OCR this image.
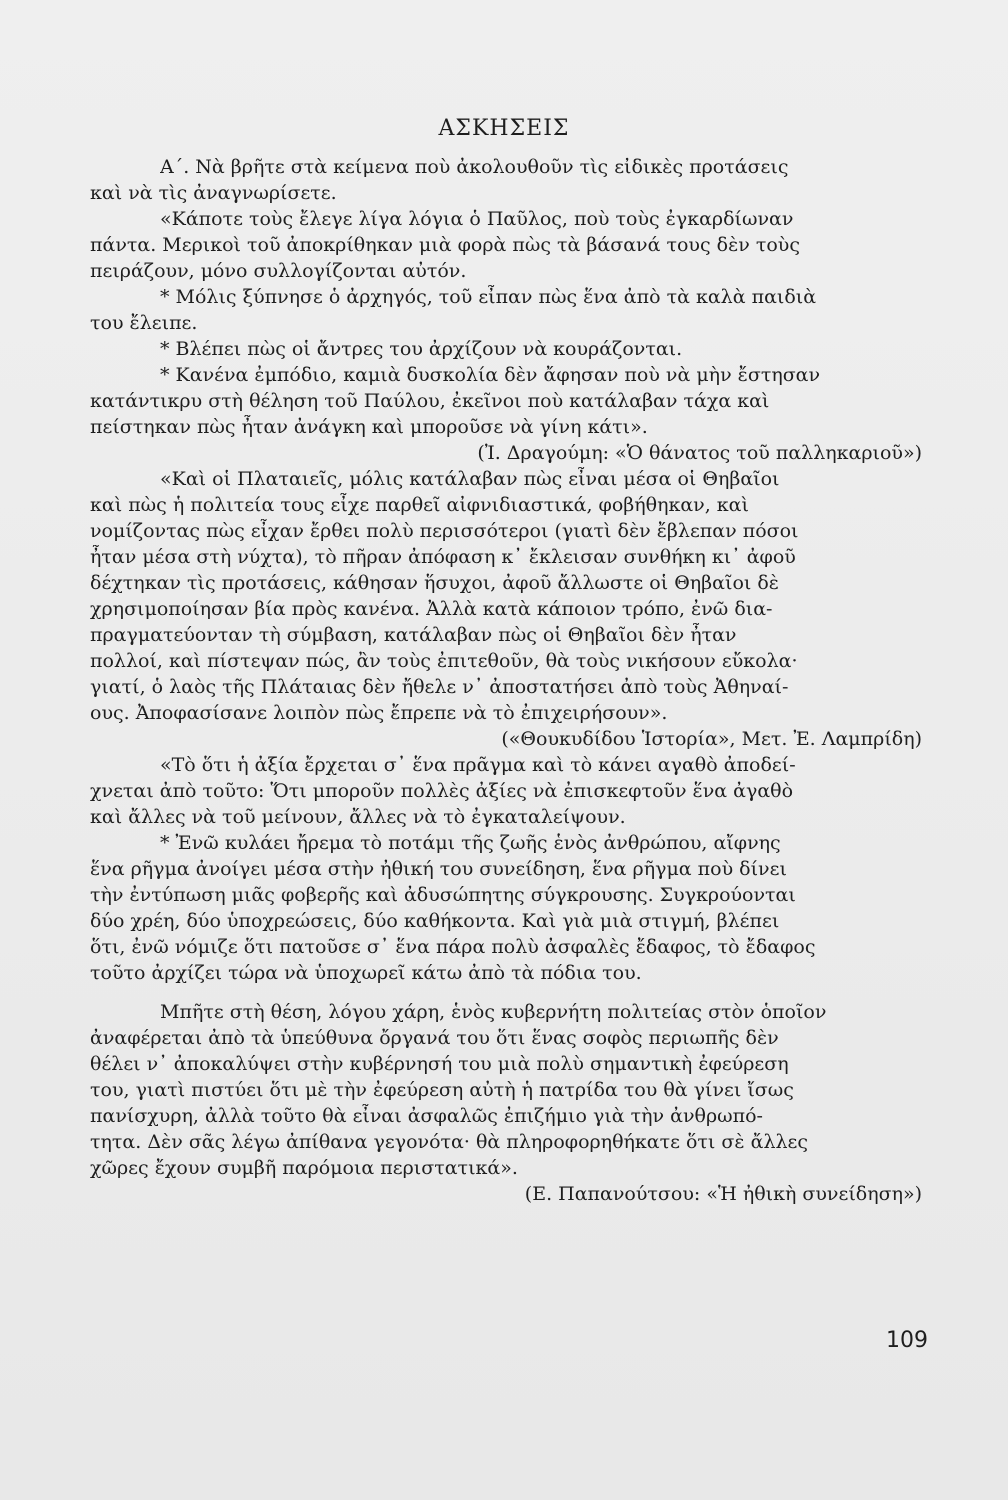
ΑΣΚΗΣΕΙΣ
Α΄. Νὰ βρῆτε στὰ κείμενα ποὺ ἀκολουθοῦν τὶς εἰδικὲς προτάσεις
καὶ νὰ τὶς ἀναγνωρίσετε.
«Κάποτε τοὺς ἔλεγε λίγα λόγια ὁ Παῦλος, ποὺ τοὺς ἐγκαρδίωναν
πάντα. Μερικοὶ τοῦ ἀποκρίθηκαν μιὰ φορὰ πὼς τὰ βάσανά τους δὲν τοὺς
πειράζουν, μόνο συλλογίζονται αὐτόν.
* Μόλις ξύπνησε ὁ ἀρχηγός, τοῦ εἶπαν πὼς ἕνα ἀπὸ τὰ καλὰ παιδιὰ
του ἔλειπε.
* Βλέπει πὼς οἱ ἄντρες του ἀρχίζουν νὰ κουράζονται.
* Κανένα ἐμπόδιο, καμιὰ δυσκολία δὲν ἄφησαν ποὺ νὰ μὴν ἔστησαν
κατάντικρυ στὴ θέληση τοῦ Παύλου, ἐκεῖνοι ποὺ κατάλαβαν τάχα καὶ
πείστηκαν πὼς ἦταν ἀνάγκη καὶ μποροῦσε νὰ γίνη κάτι».
(Ἰ. Δραγούμη: «Ὁ θάνατος τοῦ παλληκαριοῦ»)
«Καὶ οἱ Πλαταιεῖς, μόλις κατάλαβαν πὼς εἶναι μέσα οἱ Θηβαῖοι
καὶ πὼς ἡ πολιτεία τους εἶχε παρθεῖ αἰφνιδιαστικά, φοβήθηκαν, καὶ
νομίζοντας πὼς εἶχαν ἔρθει πολὺ περισσότεροι (γιατὶ δὲν ἔβλεπαν πόσοι
ἦταν μέσα στὴ νύχτα), τὸ πῆραν ἀπόφαση κ᾿ ἔκλεισαν συνθήκη κι᾿ ἀφοῦ
δέχτηκαν τὶς προτάσεις, κάθησαν ἥσυχοι, ἀφοῦ ἄλλωστε οἱ Θηβαῖοι δὲ
χρησιμοποίησαν βία πρὸς κανένα. Ἀλλὰ κατὰ κάποιον τρόπο, ἐνῶ δια-
πραγματεύονταν τὴ σύμβαση, κατάλαβαν πὼς οἱ Θηβαῖοι δὲν ἦταν
πολλοί, καὶ πίστεψαν πώς, ἂν τοὺς ἐπιτεθοῦν, θὰ τοὺς νικήσουν εὔκολα·
γιατί, ὁ λαὸς τῆς Πλάταιας δὲν ἤθελε ν᾿ ἀποστατήσει ἀπὸ τοὺς Ἀθηναί-
ους. Ἀποφασίσανε λοιπὸν πὼς ἔπρεπε νὰ τὸ ἐπιχειρήσουν».
(«Θουκυδίδου Ἱστορία», Μετ. Ἐ. Λαμπρίδη)
«Τὸ ὅτι ἡ ἀξία ἔρχεται σ᾿ ἕνα πρᾶγμα καὶ τὸ κάνει αγαθὸ ἀποδεί-
χνεται ἀπὸ τοῦτο: Ὅτι μποροῦν πολλὲς ἀξίες νὰ ἐπισκεφτοῦν ἕνα ἀγαθὸ
καὶ ἄλλες νὰ τοῦ μείνουν, ἄλλες νὰ τὸ ἐγκαταλείψουν.
* Ἐνῶ κυλάει ἤρεμα τὸ ποτάμι τῆς ζωῆς ἑνὸς ἀνθρώπου, αἴφνης
ἕνα ρῆγμα ἀνοίγει μέσα στὴν ἠθική του συνείδηση, ἕνα ρῆγμα ποὺ δίνει
τὴν ἐντύπωση μιᾶς φοβερῆς καὶ ἀδυσώπητης σύγκρουσης. Συγκρούονται
δύο χρέη, δύο ὑποχρεώσεις, δύο καθήκοντα. Καὶ γιὰ μιὰ στιγμή, βλέπει
ὅτι, ἐνῶ νόμιζε ὅτι πατοῦσε σ᾿ ἕνα πάρα πολὺ ἀσφαλὲς ἔδαφος, τὸ ἔδαφος
τοῦτο ἀρχίζει τώρα νὰ ὑποχωρεῖ κάτω ἀπὸ τὰ πόδια του.
Μπῆτε στὴ θέση, λόγου χάρη, ἑνὸς κυβερνήτη πολιτείας στὸν ὁποῖον
ἀναφέρεται ἀπὸ τὰ ὑπεύθυνα ὄργανά του ὅτι ἕνας σοφὸς περιωπῆς δὲν
θέλει ν᾿ ἀποκαλύψει στὴν κυβέρνησή του μιὰ πολὺ σημαντικὴ ἐφεύρεση
του, γιατὶ πιστύει ὅτι μὲ τὴν ἐφεύρεση αὐτὴ ἡ πατρίδα του θὰ γίνει ἴσως
πανίσχυρη, ἀλλὰ τοῦτο θὰ εἶναι ἀσφαλῶς ἐπιζήμιο γιὰ τὴν ἀνθρωπό-
τητα. Δὲν σᾶς λέγω ἀπίθανα γεγονότα· θὰ πληροφορηθήκατε ὅτι σὲ ἄλλες
χῶρες ἔχουν συμβῆ παρόμοια περιστατικά».
(Ε. Παπανούτσου: «Ἡ ἠθικὴ συνείδηση»)
109
